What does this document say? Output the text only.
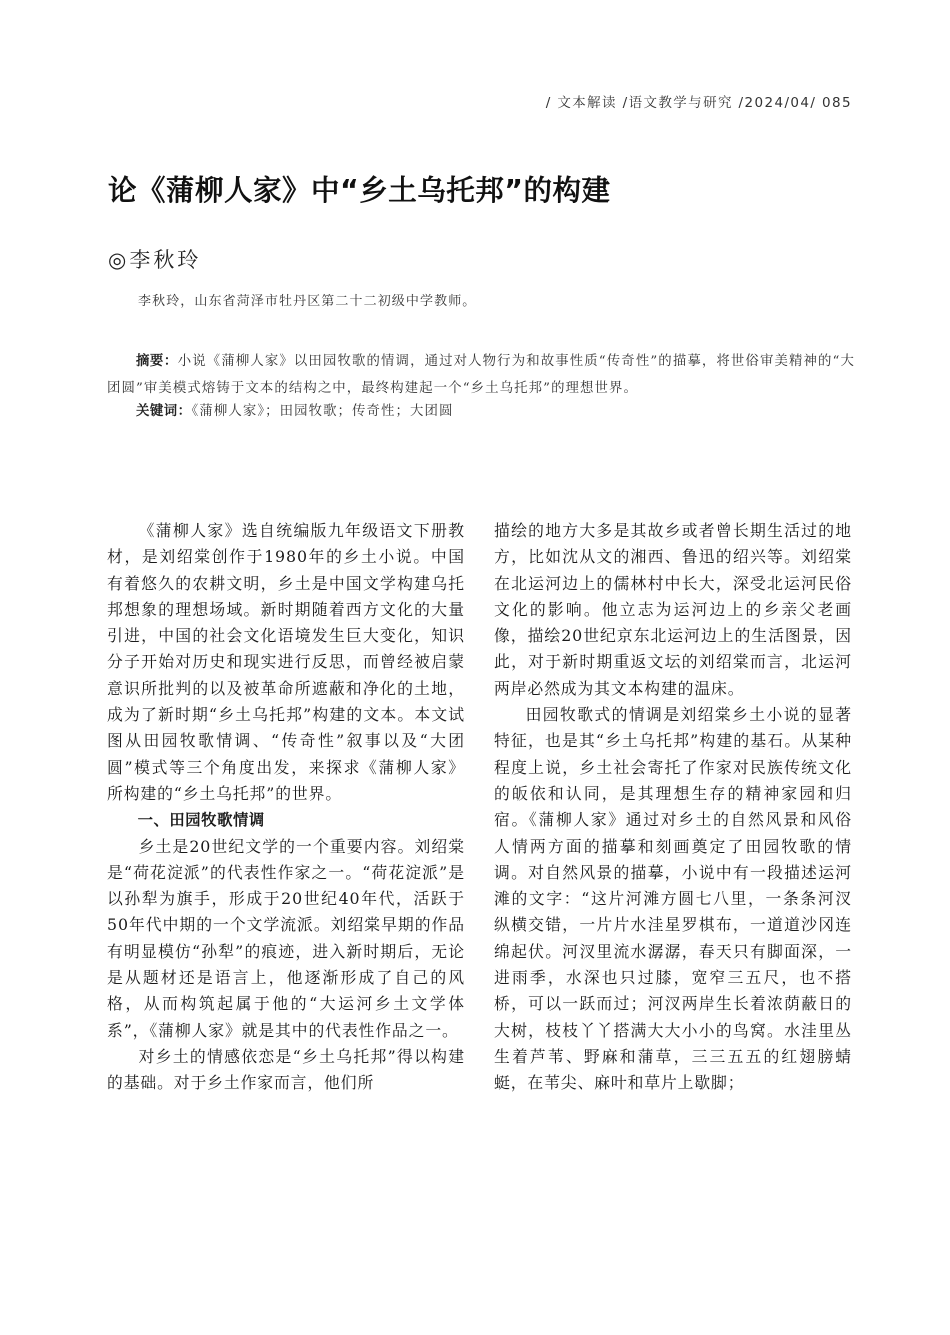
/ 文本解读 /语文教学与研究 /2024/04/ 085
论《蒲柳人家》中“乡土乌托邦”的构建
◎李秋玲
李秋玲，山东省菏泽市牡丹区第二十二初级中学教师。
摘要：小说《蒲柳人家》以田园牧歌的情调，通过对人物行为和故事性质“传奇性”的描摹，将世俗审美精神的“大团圆”审美模式熔铸于文本的结构之中，最终构建起一个“乡土乌托邦”的理想世界。
关键词：《蒲柳人家》；田园牧歌；传奇性；大团圆

《蒲柳人家》选自统编版九年级语文下册教材，是刘绍棠创作于1980年的乡土小说。中国有着悠久的农耕文明，乡土是中国文学构建乌托邦想象的理想场域。新时期随着西方文化的大量引进，中国的社会文化语境发生巨大变化，知识分子开始对历史和现实进行反思，而曾经被启蒙意识所批判的以及被革命所遮蔽和净化的土地，成为了新时期“乡土乌托邦”构建的文本。本文试图从田园牧歌情调、“传奇性”叙事以及“大团圆”模式等三个角度出发，来探求《蒲柳人家》所构建的“乡土乌托邦”的世界。

一、田园牧歌情调

乡土是20世纪文学的一个重要内容。刘绍棠是“荷花淀派”的代表性作家之一。“荷花淀派”是以孙犁为旗手，形成于20世纪40年代，活跃于50年代中期的一个文学流派。刘绍棠早期的作品有明显模仿“孙犁”的痕迹，进入新时期后，无论是从题材还是语言上，他逐渐形成了自己的风格，从而构筑起属于他的“大运河乡土文学体系”，《蒲柳人家》就是其中的代表性作品之一。

对乡土的情感依恋是“乡土乌托邦”得以构建的基础。对于乡土作家而言，他们所

描绘的地方大多是其故乡或者曾长期生活过的地方，比如沈从文的湘西、鲁迅的绍兴等。刘绍棠在北运河边上的儒林村中长大，深受北运河民俗文化的影响。他立志为运河边上的乡亲父老画像，描绘20世纪京东北运河边上的生活图景，因此，对于新时期重返文坛的刘绍棠而言，北运河两岸必然成为其文本构建的温床。

田园牧歌式的情调是刘绍棠乡土小说的显著特征，也是其“乡土乌托邦”构建的基石。从某种程度上说，乡土社会寄托了作家对民族传统文化的皈依和认同，是其理想生存的精神家园和归宿。《蒲柳人家》通过对乡土的自然风景和风俗人情两方面的描摹和刻画奠定了田园牧歌的情调。对自然风景的描摹，小说中有一段描述运河滩的文字：“这片河滩方圆七八里，一条条河汊纵横交错，一片片水洼星罗棋布，一道道沙冈连绵起伏。河汊里流水潺潺，春天只有脚面深，一进雨季，水深也只过膝，宽窄三五尺，也不搭桥，可以一跃而过；河汊两岸生长着浓荫蔽日的大树，枝枝丫丫搭满大大小小的鸟窝。水洼里丛生着芦苇、野麻和蒲草，三三五五的红翅膀蜻蜓，在苇尖、麻叶和草片上歇脚；
